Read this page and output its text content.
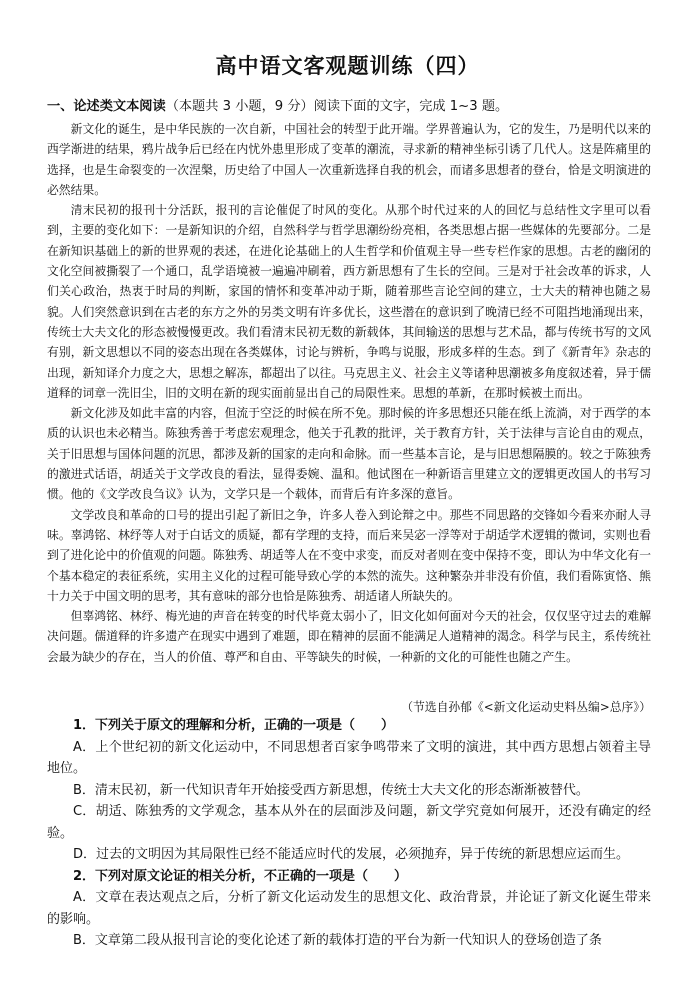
高中语文客观题训练（四）
一、论述类文本阅读（本题共 3 小题，9 分）阅读下面的文字，完成 1~3 题。

新文化的诞生，是中华民族的一次自新，中国社会的转型于此开端。学界普遍认为，它的发生，乃是明代以来的西学渐进的结果，鸦片战争后已经在内忧外患里形成了变革的潮流，寻求新的精神坐标引诱了几代人。这是阵痛里的选择，也是生命裂变的一次涅槃，历史给了中国人一次重新选择自我的机会，而诸多思想者的登台，恰是文明演进的必然结果。

清末民初的报刊十分活跃，报刊的言论催促了时风的变化。从那个时代过来的人的回忆与总结性文字里可以看到，主要的变化如下：一是新知识的介绍，自然科学与哲学思潮纷纷亮相，各类思想占据一些媒体的先要部分。二是在新知识基础上的新的世界观的表述，在进化论基础上的人生哲学和价值观主导一些专栏作家的思想。古老的幽闭的文化空间被撕裂了一个通口，乱学语境被一遍遍冲刷着，西方新思想有了生长的空间。三是对于社会改革的诉求，人们关心政治，热衷于时局的判断，家国的情怀和变革冲动于斯，随着那些言论空间的建立，士大夫的精神也随之易貌。人们突然意识到在古老的东方之外的另类文明有许多优长，这些潜在的意识到了晚清已经不可阻挡地涌现出来，传统士大夫文化的形态被慢慢更改。我们看清末民初无数的新载体，其间输送的思想与艺术品，都与传统书写的文风有别，新文思想以不同的姿态出现在各类媒体，讨论与辨析，争鸣与说服，形成多样的生态。到了《新青年》杂志的出现，新知译介力度之大，思想之解冻，都超出了以往。马克思主义、社会主义等诸种思潮被多角度叙述着，异于儒道释的词章一洗旧尘，旧的文明在新的现实面前显出自己的局限性来。思想的革新，在那时候被土而出。

新文化涉及如此丰富的内容，但流于空泛的时候在所不免。那时候的许多思想还只能在纸上流淌，对于西学的本质的认识也未必精当。陈独秀善于考虑宏观理念，他关于孔教的批评，关于教育方针，关于法律与言论自由的观点，关于旧思想与国体问题的沉思，都涉及新的国家的走向和命脉。而一些基本言论，是与旧思想隔膜的。较之于陈独秀的激进式话语，胡适关于文学改良的看法，显得委婉、温和。他试图在一种新语言里建立文的逻辑更改国人的书写习惯。他的《文学改良刍议》认为，文学只是一个载体，而背后有许多深的意旨。

文学改良和革命的口号的提出引起了新旧之争，许多人卷入到论辩之中。那些不同思路的交锋如今看来亦耐人寻味。辜鸿铭、林纾等人对于白话文的质疑，都有学理的支持，而后来吴宓一浮等对于胡适学术逻辑的微词，实则也看到了进化论中的价值观的问题。陈独秀、胡适等人在不变中求变，而反对者则在变中保持不变，即认为中华文化有一个基本稳定的表征系统，实用主义化的过程可能导致心学的本然的流失。这种繁杂并非没有价值，我们看陈寅恪、熊十力关于中国文明的思考，其有意味的部分也恰是陈独秀、胡适诸人所缺失的。

但辜鸿铭、林纾、梅光迪的声音在转变的时代毕竟太弱小了，旧文化如何面对今天的社会，仅仅坚守过去的难解决问题。儒道释的许多遗产在现实中遇到了难题，即在精神的层面不能满足人道精神的渴念。科学与民主，系传统社会最为缺少的存在，当人的价值、尊严和自由、平等缺失的时候，一种新的文化的可能性也随之产生。

（节选自孙郁《<新文化运动史料丛编>总序》）

1．下列关于原文的理解和分析，正确的一项是（　　）

A．上个世纪初的新文化运动中，不同思想者百家争鸣带来了文明的演进，其中西方思想占领着主导地位。

B．清末民初，新一代知识青年开始接受西方新思想，传统士大夫文化的形态渐渐被替代。

C．胡适、陈独秀的文学观念，基本从外在的层面涉及问题，新文学究竟如何展开，还没有确定的经验。

D．过去的文明因为其局限性已经不能适应时代的发展，必须抛弃，异于传统的新思想应运而生。

2．下列对原文论证的相关分析，不正确的一项是（　　）

A．文章在表达观点之后，分析了新文化运动发生的思想文化、政治背景，并论证了新文化诞生带来的影响。

B．文章第二段从报刊言论的变化论述了新的载体打造的平台为新一代知识人的登场创造了条
